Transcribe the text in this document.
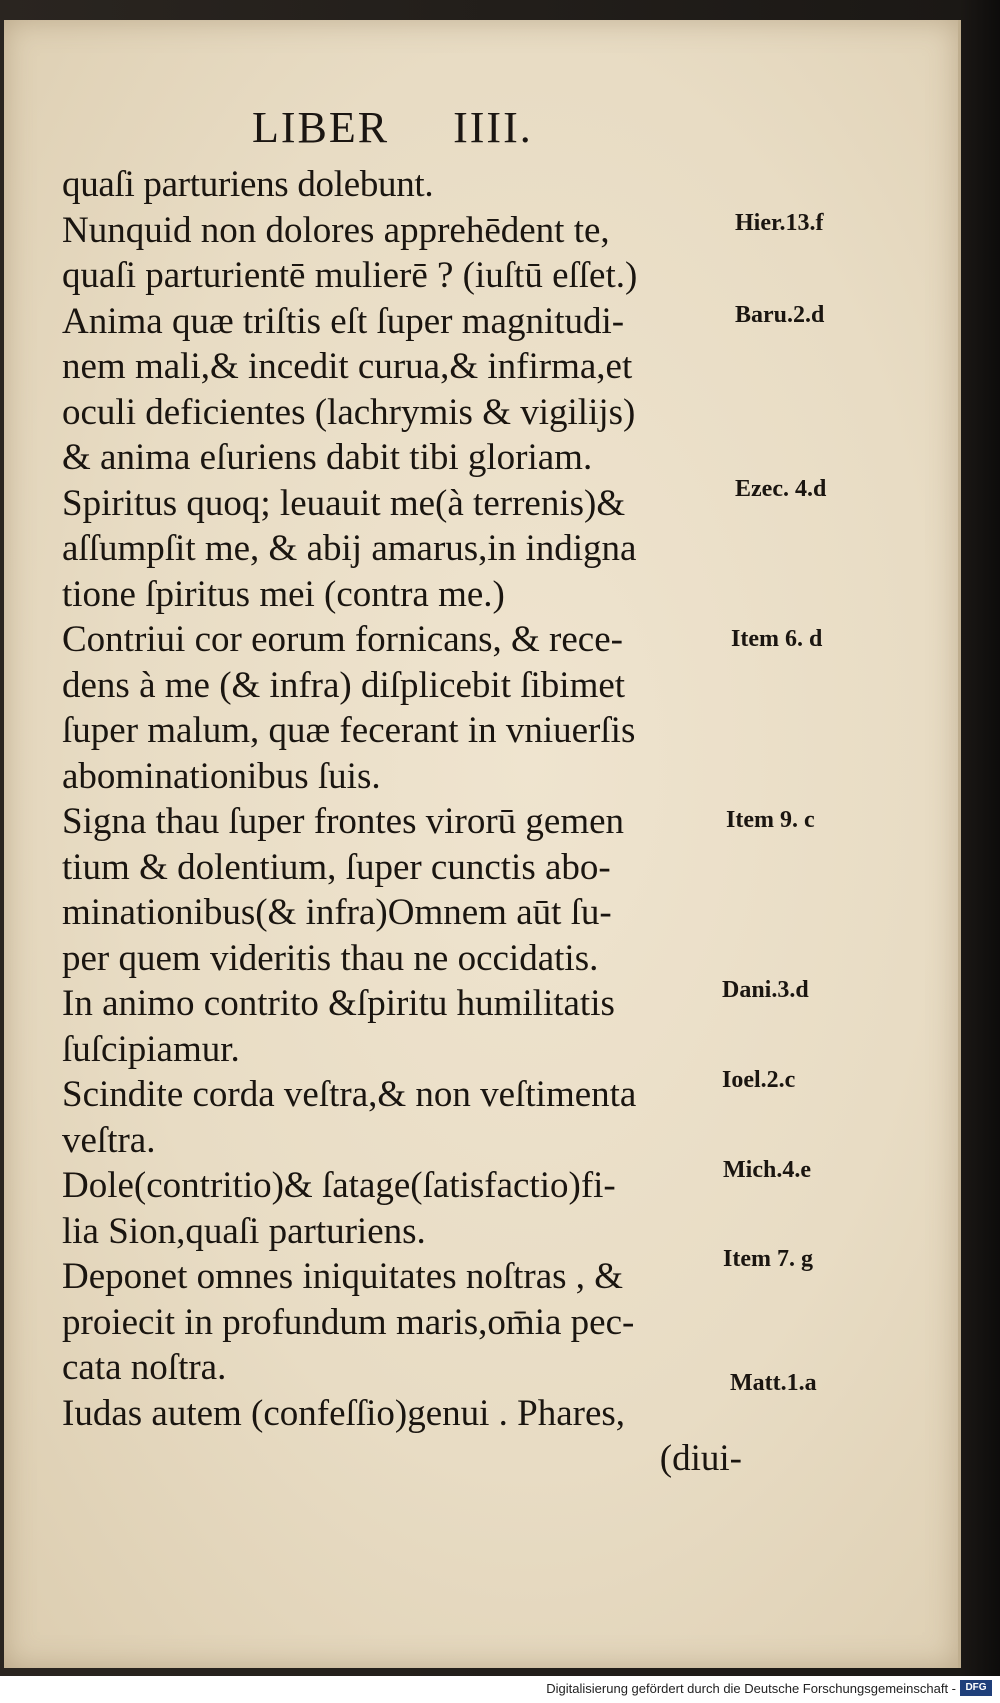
LIBER IIII.
quaſi parturiens dolebunt.
Nunquid non dolores apprehēdent te,
quaſi parturientē mulierē ? (iuſtū eſſet.)
Anima quæ triſtis eſt ſuper magnitudi-
nem mali,& incedit curua,& infirma,et
oculi deficientes (lachrymis & vigilijs)
& anima eſuriens dabit tibi gloriam.
Spiritus quoq; leuauit me(à terrenis)&
aſſumpſit me, & abij amarus,in indigna
tione ſpiritus mei (contra me.)
Contriui cor eorum fornicans, & rece-
dens à me (& infra) diſplicebit ſibimet
ſuper malum, quæ fecerant in vniuerſis
abominationibus ſuis.
Signa thau ſuper frontes virorū gemen
tium & dolentium, ſuper cunctis abo-
minationibus(& infra)Omnem aūt ſu-
per quem videritis thau ne occidatis.
In animo contrito &ſpiritu humilitatis
ſuſcipiamur.
Scindite corda veſtra,& non veſtimenta
veſtra.
Dole(contritio)& ſatage(ſatisfactio)fi-
lia Sion,quaſi parturiens.
Deponet omnes iniquitates noſtras , &
proiecit in profundum maris,om̄ia pec-
cata noſtra.
Iudas autem (confeſſio)genui . Phares,
(diui-
Hier.13.f
Baru.2.d
Ezec. 4.d
Item 6. d
Item 9. c
Dani.3.d
Ioel.2.c
Mich.4.e
Item 7. g
Matt.1.a
Digitalisierung gefördert durch die Deutsche Forschungsgemeinschaft - DFG
